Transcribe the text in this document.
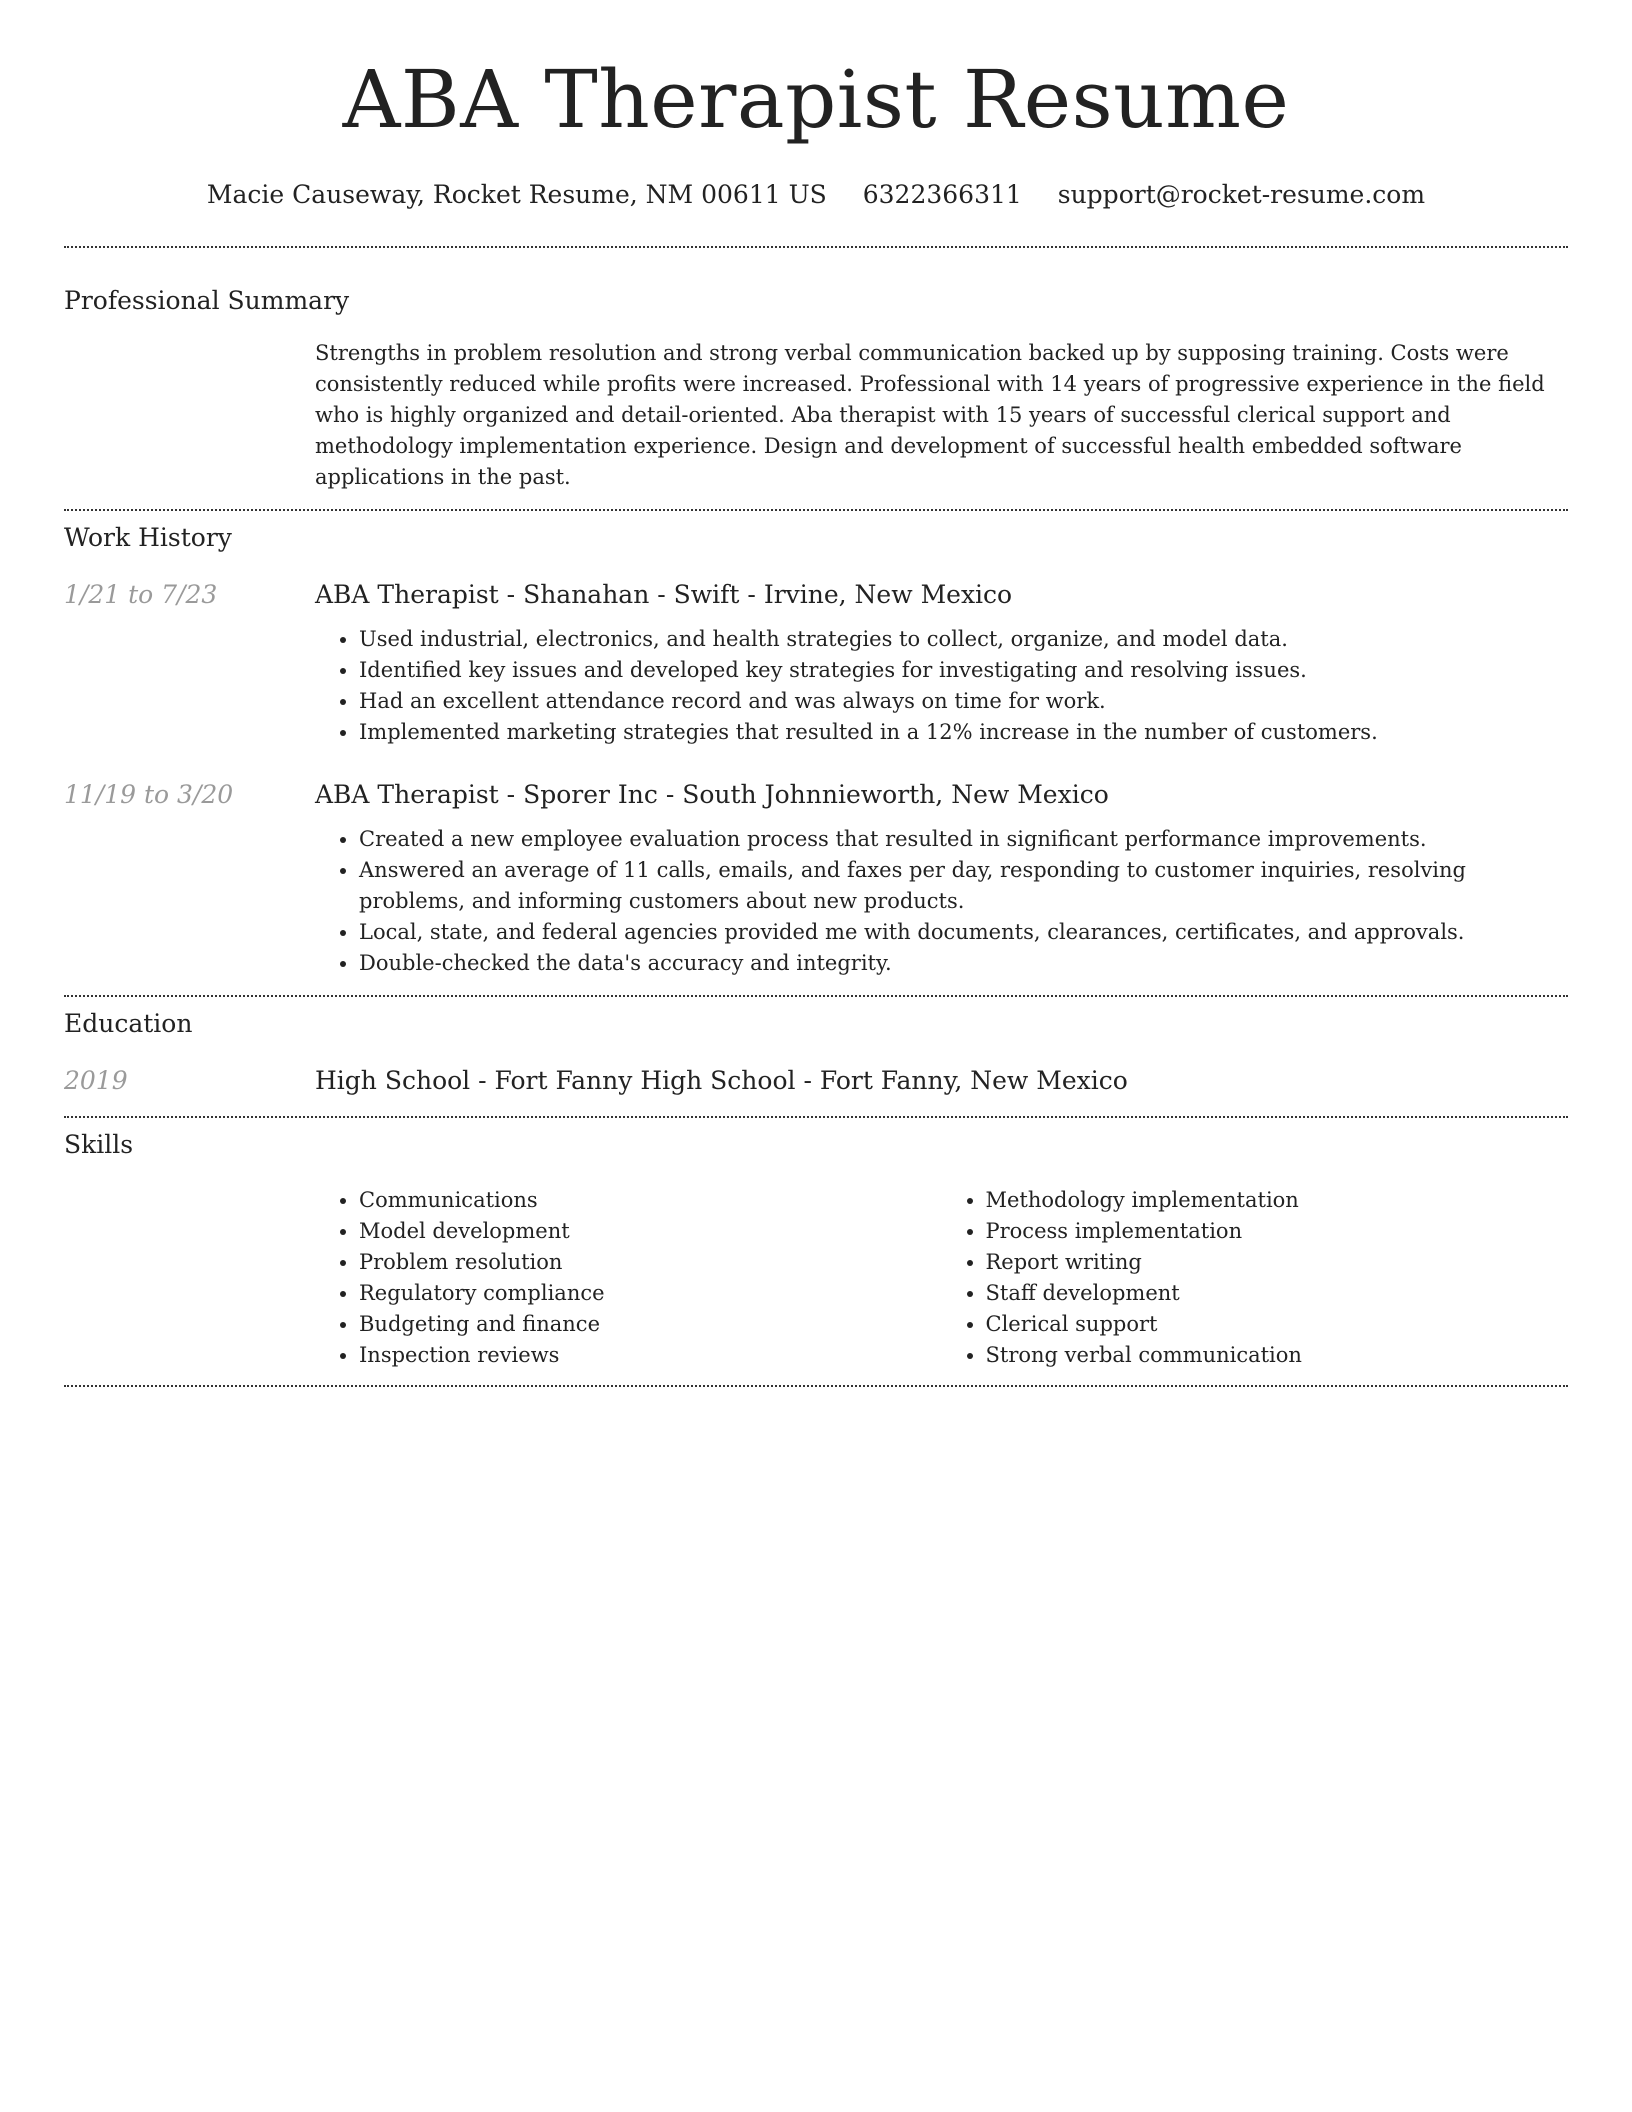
ABA Therapist Resume
Macie Causeway, Rocket Resume, NM 00611 US 6322366311 support@rocket-resume.com
Professional Summary

Strengths in problem resolution and strong verbal communication backed up by supposing training. Costs were consistently reduced while profits were increased. Professional with 14 years of progressive experience in the field who is highly organized and detail-oriented. Aba therapist with 15 years of successful clerical support and methodology implementation experience. Design and development of successful health embedded software applications in the past.

Work History
1/21 to 7/23	ABA Therapist - Shanahan - Swift - Irvine, New Mexico
• Used industrial, electronics, and health strategies to collect, organize, and model data.
• Identified key issues and developed key strategies for investigating and resolving issues.
• Had an excellent attendance record and was always on time for work.
• Implemented marketing strategies that resulted in a 12% increase in the number of customers.
11/19 to 3/20	ABA Therapist - Sporer Inc - South Johnnieworth, New Mexico
• Created a new employee evaluation process that resulted in significant performance improvements.
• Answered an average of 11 calls, emails, and faxes per day, responding to customer inquiries, resolving problems, and informing customers about new products.
• Local, state, and federal agencies provided me with documents, clearances, certificates, and approvals.
• Double-checked the data's accuracy and integrity.
Education
2019	High School - Fort Fanny High School - Fort Fanny, New Mexico
Skills
• Communications
• Model development
• Problem resolution
• Regulatory compliance
• Budgeting and finance
• Inspection reviews
• Methodology implementation
• Process implementation
• Report writing
• Staff development
• Clerical support
• Strong verbal communication
